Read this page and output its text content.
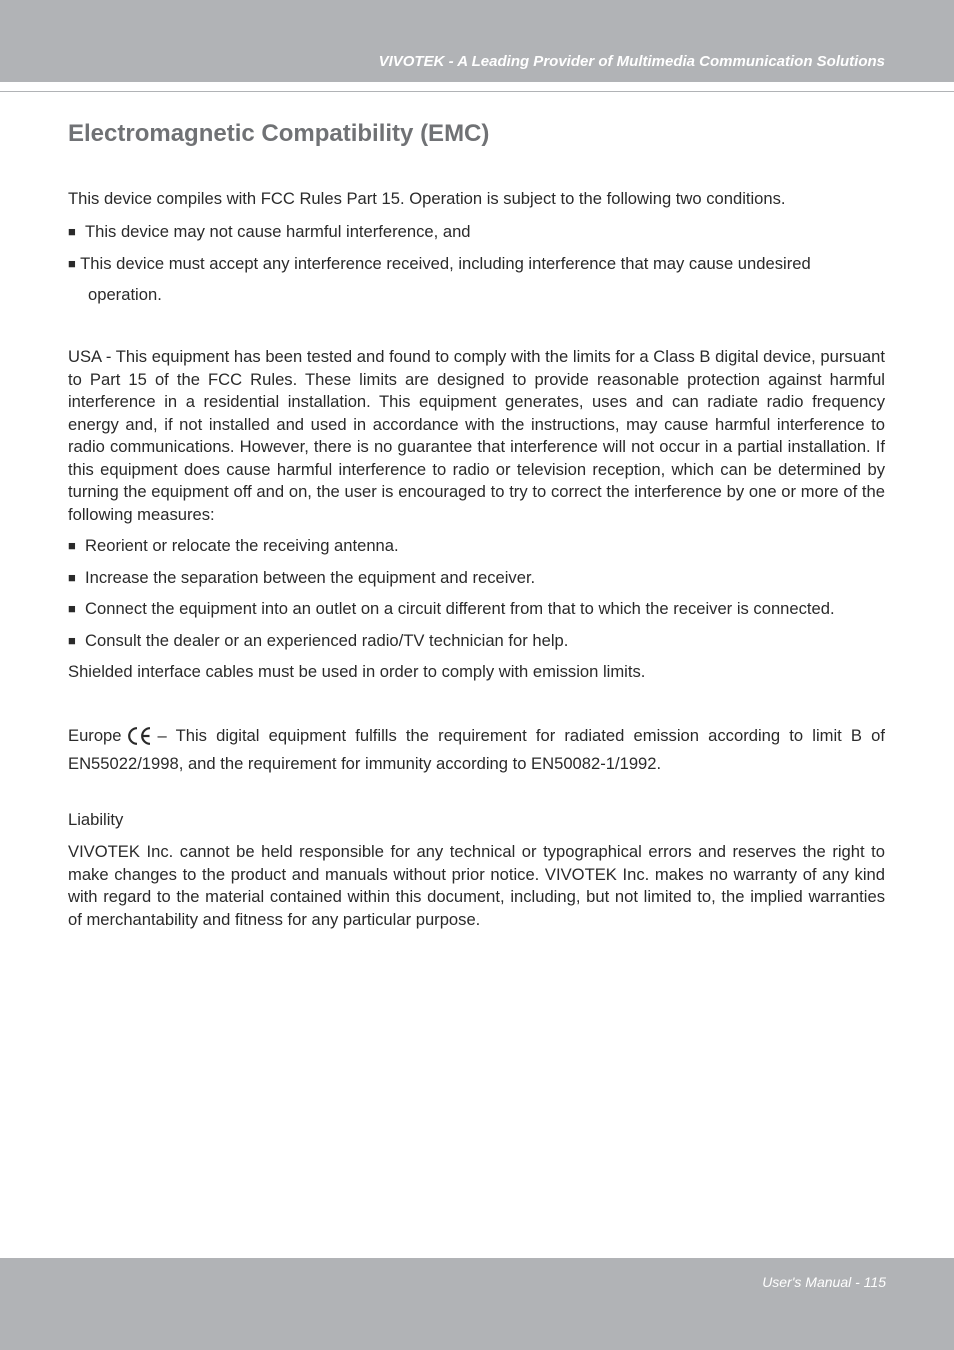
VIVOTEK - A Leading Provider of Multimedia Communication Solutions
Electromagnetic Compatibility (EMC)

This device compiles with FCC Rules Part 15. Operation is subject to the following two conditions.

■ This device may not cause harmful interference, and

■ This device must accept any interference received, including interference that may cause undesired
operation.

USA - This equipment has been tested and found to comply with the limits for a Class B digital device, pursuant to Part 15 of the FCC Rules. These limits are designed to provide reasonable protection against harmful interference in a residential installation. This equipment generates, uses and can radiate radio frequency energy and, if not installed and used in accordance with the instructions, may cause harmful interference to radio communications. However, there is no guarantee that interference will not occur in a partial installation. If this equipment does cause harmful interference to radio or television reception, which can be determined by turning the equipment off and on, the user is encouraged to try to correct the interference by one or more of the following measures:

■ Reorient or relocate the receiving antenna.

■ Increase the separation between the equipment and receiver.

■ Connect the equipment into an outlet on a circuit different from that to which the receiver is connected.

■ Consult the dealer or an experienced radio/TV technician for help.

Shielded interface cables must be used in order to comply with emission limits.

Europe – This digital equipment fulfills the requirement for radiated emission according to limit B of EN55022/1998, and the requirement for immunity according to EN50082-1/1992.

Liability

VIVOTEK Inc. cannot be held responsible for any technical or typographical errors and reserves the right to make changes to the product and manuals without prior notice. VIVOTEK Inc. makes no warranty of any kind with regard to the material contained within this document, including, but not limited to, the implied warranties of merchantability and fitness for any particular purpose.

User's Manual - 115
